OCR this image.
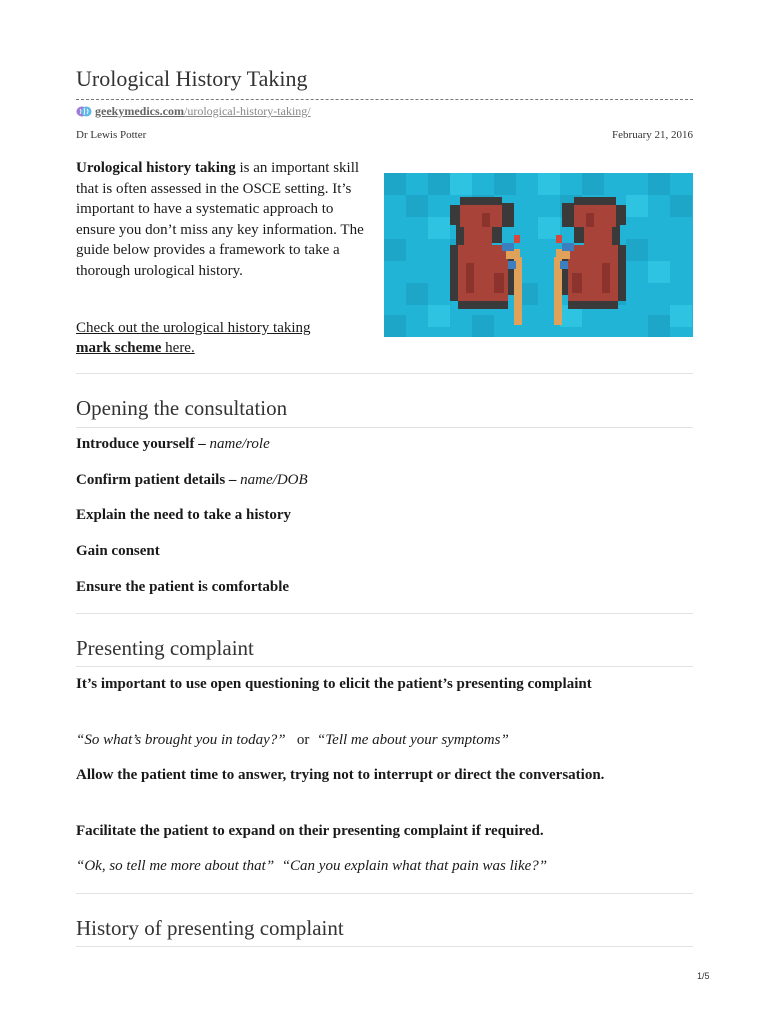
Urological History Taking
geekymedics.com /urological-history-taking/
Dr Lewis Potter	February 21, 2016

Urological history taking is an important skill that is often assessed in the OSCE setting. It’s important to have a systematic approach to ensure you don’t miss any key information. The guide below provides a framework to take a thorough urological history.

Check out the urological history taking mark scheme here.

Opening the consultation

Introduce yourself – name/role

Confirm patient details – name/DOB

Explain the need to take a history

Gain consent

Ensure the patient is comfortable

Presenting complaint

It’s important to use open questioning to elicit the patient’s presenting complaint

“So what’s brought you in today?” or “Tell me about your symptoms”

Allow the patient time to answer, trying not to interrupt or direct the conversation.

Facilitate the patient to expand on their presenting complaint if required.

“Ok, so tell me more about that” “Can you explain what that pain was like?”

History of presenting complaint
1/5
